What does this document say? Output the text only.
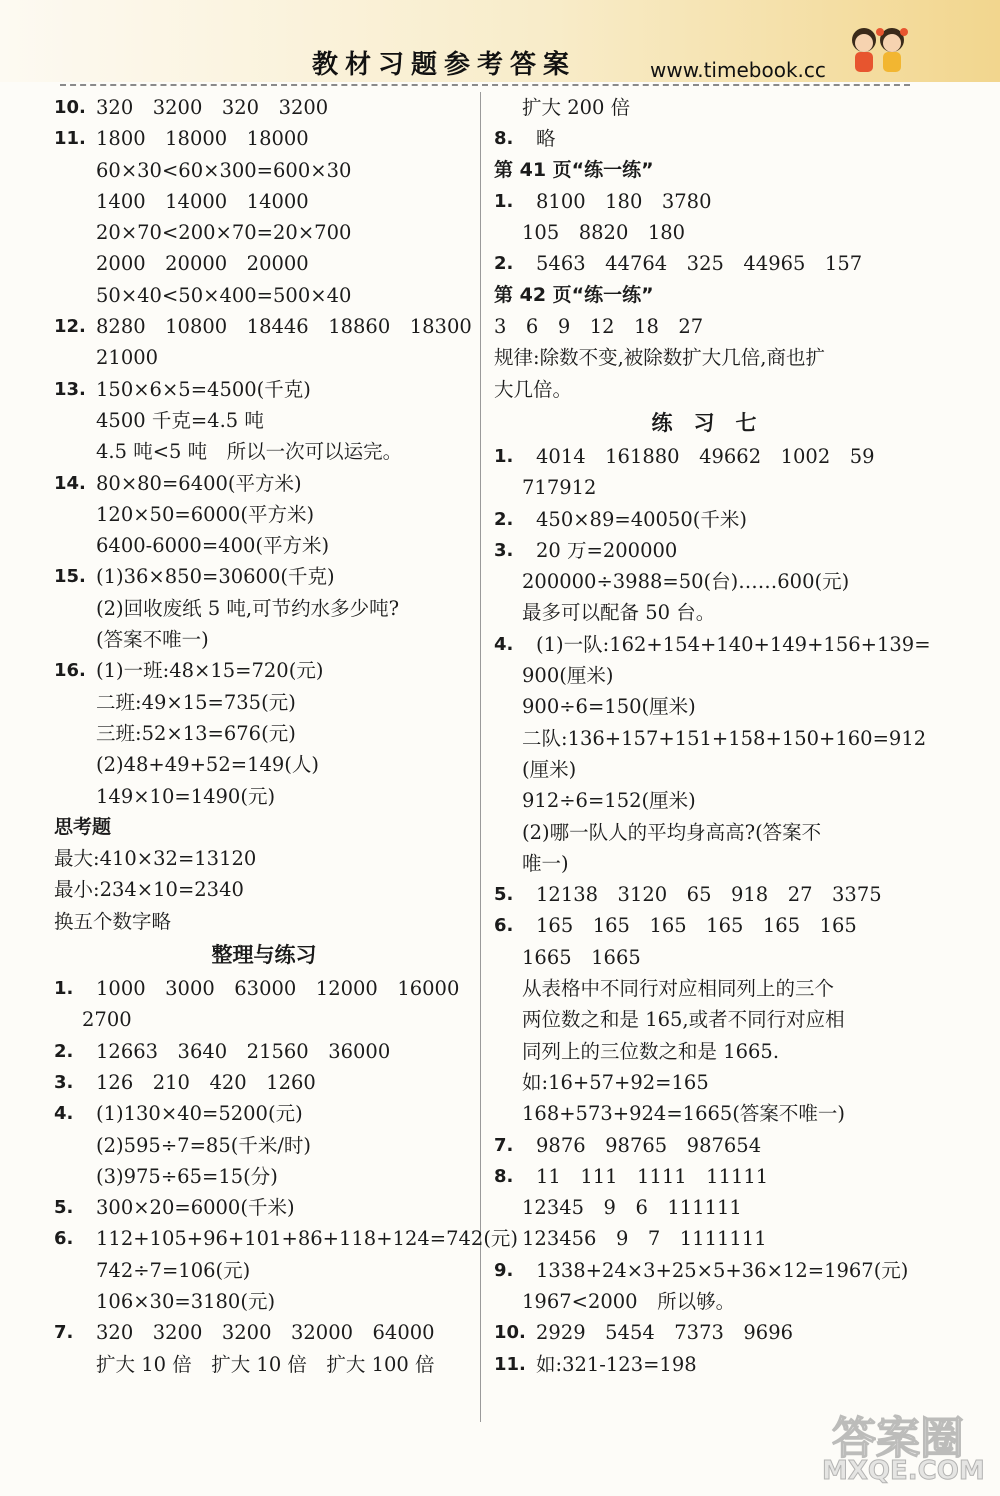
教材习题参考答案	www.timebook.cc
10. 320　3200　320　3200
11. 1800　18000　18000
60×30<60×300=600×30
1400　14000　14000
20×70<200×70=20×700
2000　20000　20000
50×40<50×400=500×40
12. 8280　10800　18446　18860　18300
21000
13. 150×6×5=4500(千克)
4500 千克=4.5 吨
4.5 吨<5 吨　所以一次可以运完。
14. 80×80=6400(平方米)
120×50=6000(平方米)
6400-6000=400(平方米)
15. (1)36×850=30600(千克)
(2)回收废纸 5 吨,可节约水多少吨?
(答案不唯一)
16. (1)一班:48×15=720(元)
二班:49×15=735(元)
三班:52×13=676(元)
(2)48+49+52=149(人)
149×10=1490(元)
思考题
最大:410×32=13120
最小:234×10=2340
换五个数字略
整理与练习
1. 1000　3000　63000　12000　16000
2700
2. 12663　3640　21560　36000
3. 126　210　420　1260
4. (1)130×40=5200(元)
(2)595÷7=85(千米/时)
(3)975÷65=15(分)
5. 300×20=6000(千米)
6. 112+105+96+101+86+118+124=742(元)
742÷7=106(元)
106×30=3180(元)
7. 320　3200　3200　32000　64000
扩大 10 倍　扩大 10 倍　扩大 100 倍
扩大 200 倍
8. 略
第 41 页“练一练”
1. 8100　180　3780
105　8820　180
2. 5463　44764　325　44965　157
第 42 页“练一练”
3　6　9　12　18　27
规律:除数不变,被除数扩大几倍,商也扩
大几倍。
练　习　七
1. 4014　161880　49662　1002　59
717912
2. 450×89=40050(千米)
3. 20 万=200000
200000÷3988=50(台)……600(元)
最多可以配备 50 台。
4. (1)一队:162+154+140+149+156+139=
900(厘米)
900÷6=150(厘米)
二队:136+157+151+158+150+160=912
(厘米)
912÷6=152(厘米)
(2)哪一队人的平均身高高?(答案不
唯一)
5. 12138　3120　65　918　27　3375
6. 165　165　165　165　165　165
1665　1665
从表格中不同行对应相同列上的三个
两位数之和是 165,或者不同行对应相
同列上的三位数之和是 1665.
如:16+57+92=165
168+573+924=1665(答案不唯一)
7. 9876　98765　987654
8. 11　111　1111　11111
12345　9　6　111111
123456　9　7　1111111
9. 1338+24×3+25×5+36×12=1967(元)
1967<2000　所以够。
10. 2929　5454　7373　9696
11. 如:321-123=198
答案圈
MXQE.COM
